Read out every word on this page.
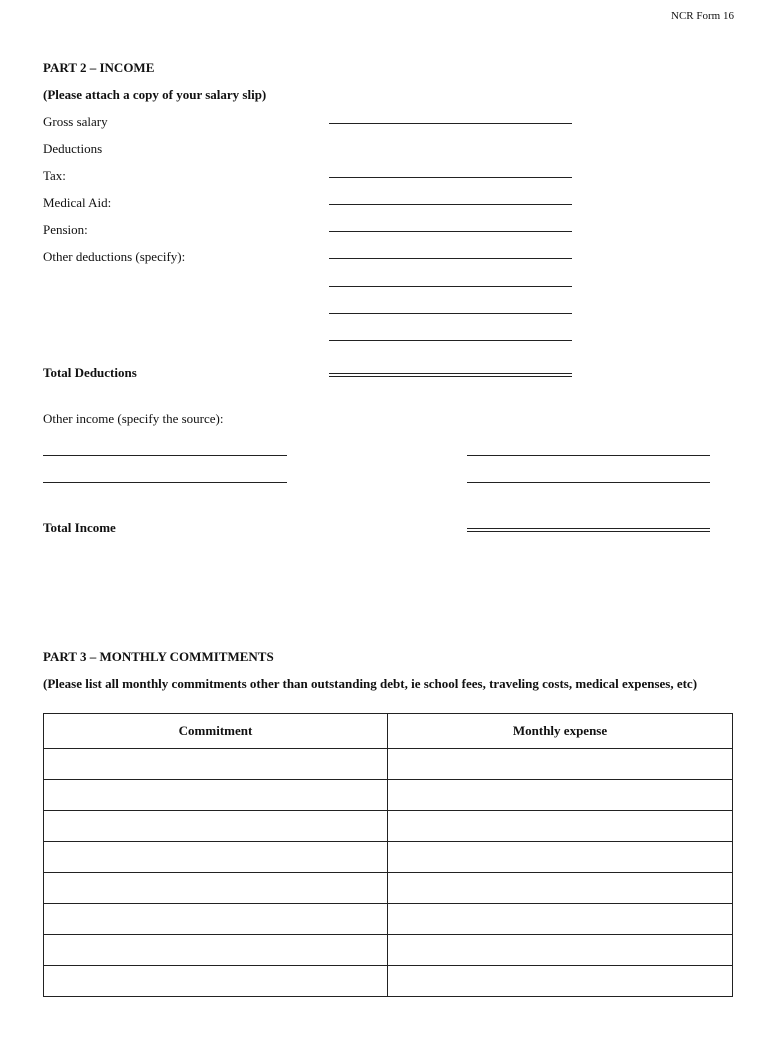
NCR Form 16
PART 2 – INCOME
(Please attach a copy of your salary slip)
Gross salary
Deductions
Tax:
Medical Aid:
Pension:
Other deductions (specify):
Total Deductions
Other income (specify the source):
Total Income
PART 3 – MONTHLY COMMITMENTS
(Please list all monthly commitments other than outstanding debt, ie school fees, traveling costs, medical expenses, etc)
Commitment	Monthly expense
